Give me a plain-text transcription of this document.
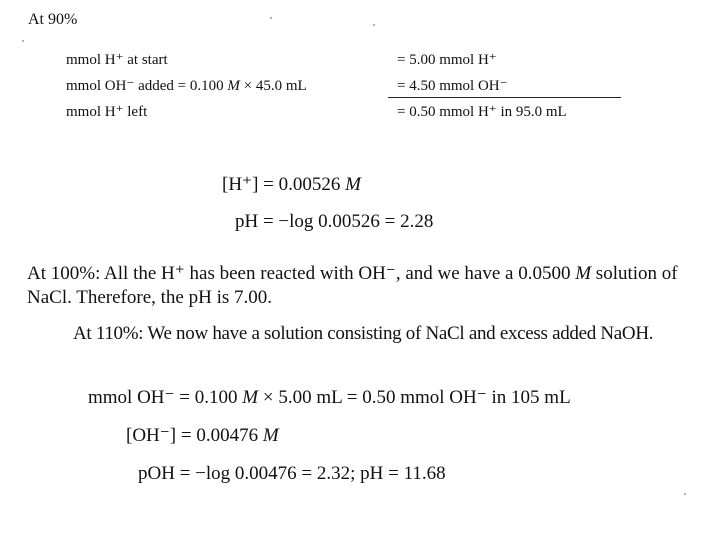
At 90%
mmol H⁺ at start	= 5.00 mmol H⁺
mmol OH⁻ added = 0.100 M × 45.0 mL	= 4.50 mmol OH⁻
mmol H⁺ left	= 0.50 mmol H⁺ in 95.0 mL
[H⁺] = 0.00526 M
pH = −log 0.00526 = 2.28
At 100%: All the H⁺ has been reacted with OH⁻, and we have a 0.0500 M solution of NaCl. Therefore, the pH is 7.00.
At 110%: We now have a solution consisting of NaCl and excess added NaOH.
mmol OH⁻ = 0.100 M × 5.00 mL = 0.50 mmol OH⁻ in 105 mL
[OH⁻] = 0.00476 M
pOH = −log 0.00476 = 2.32; pH = 11.68
